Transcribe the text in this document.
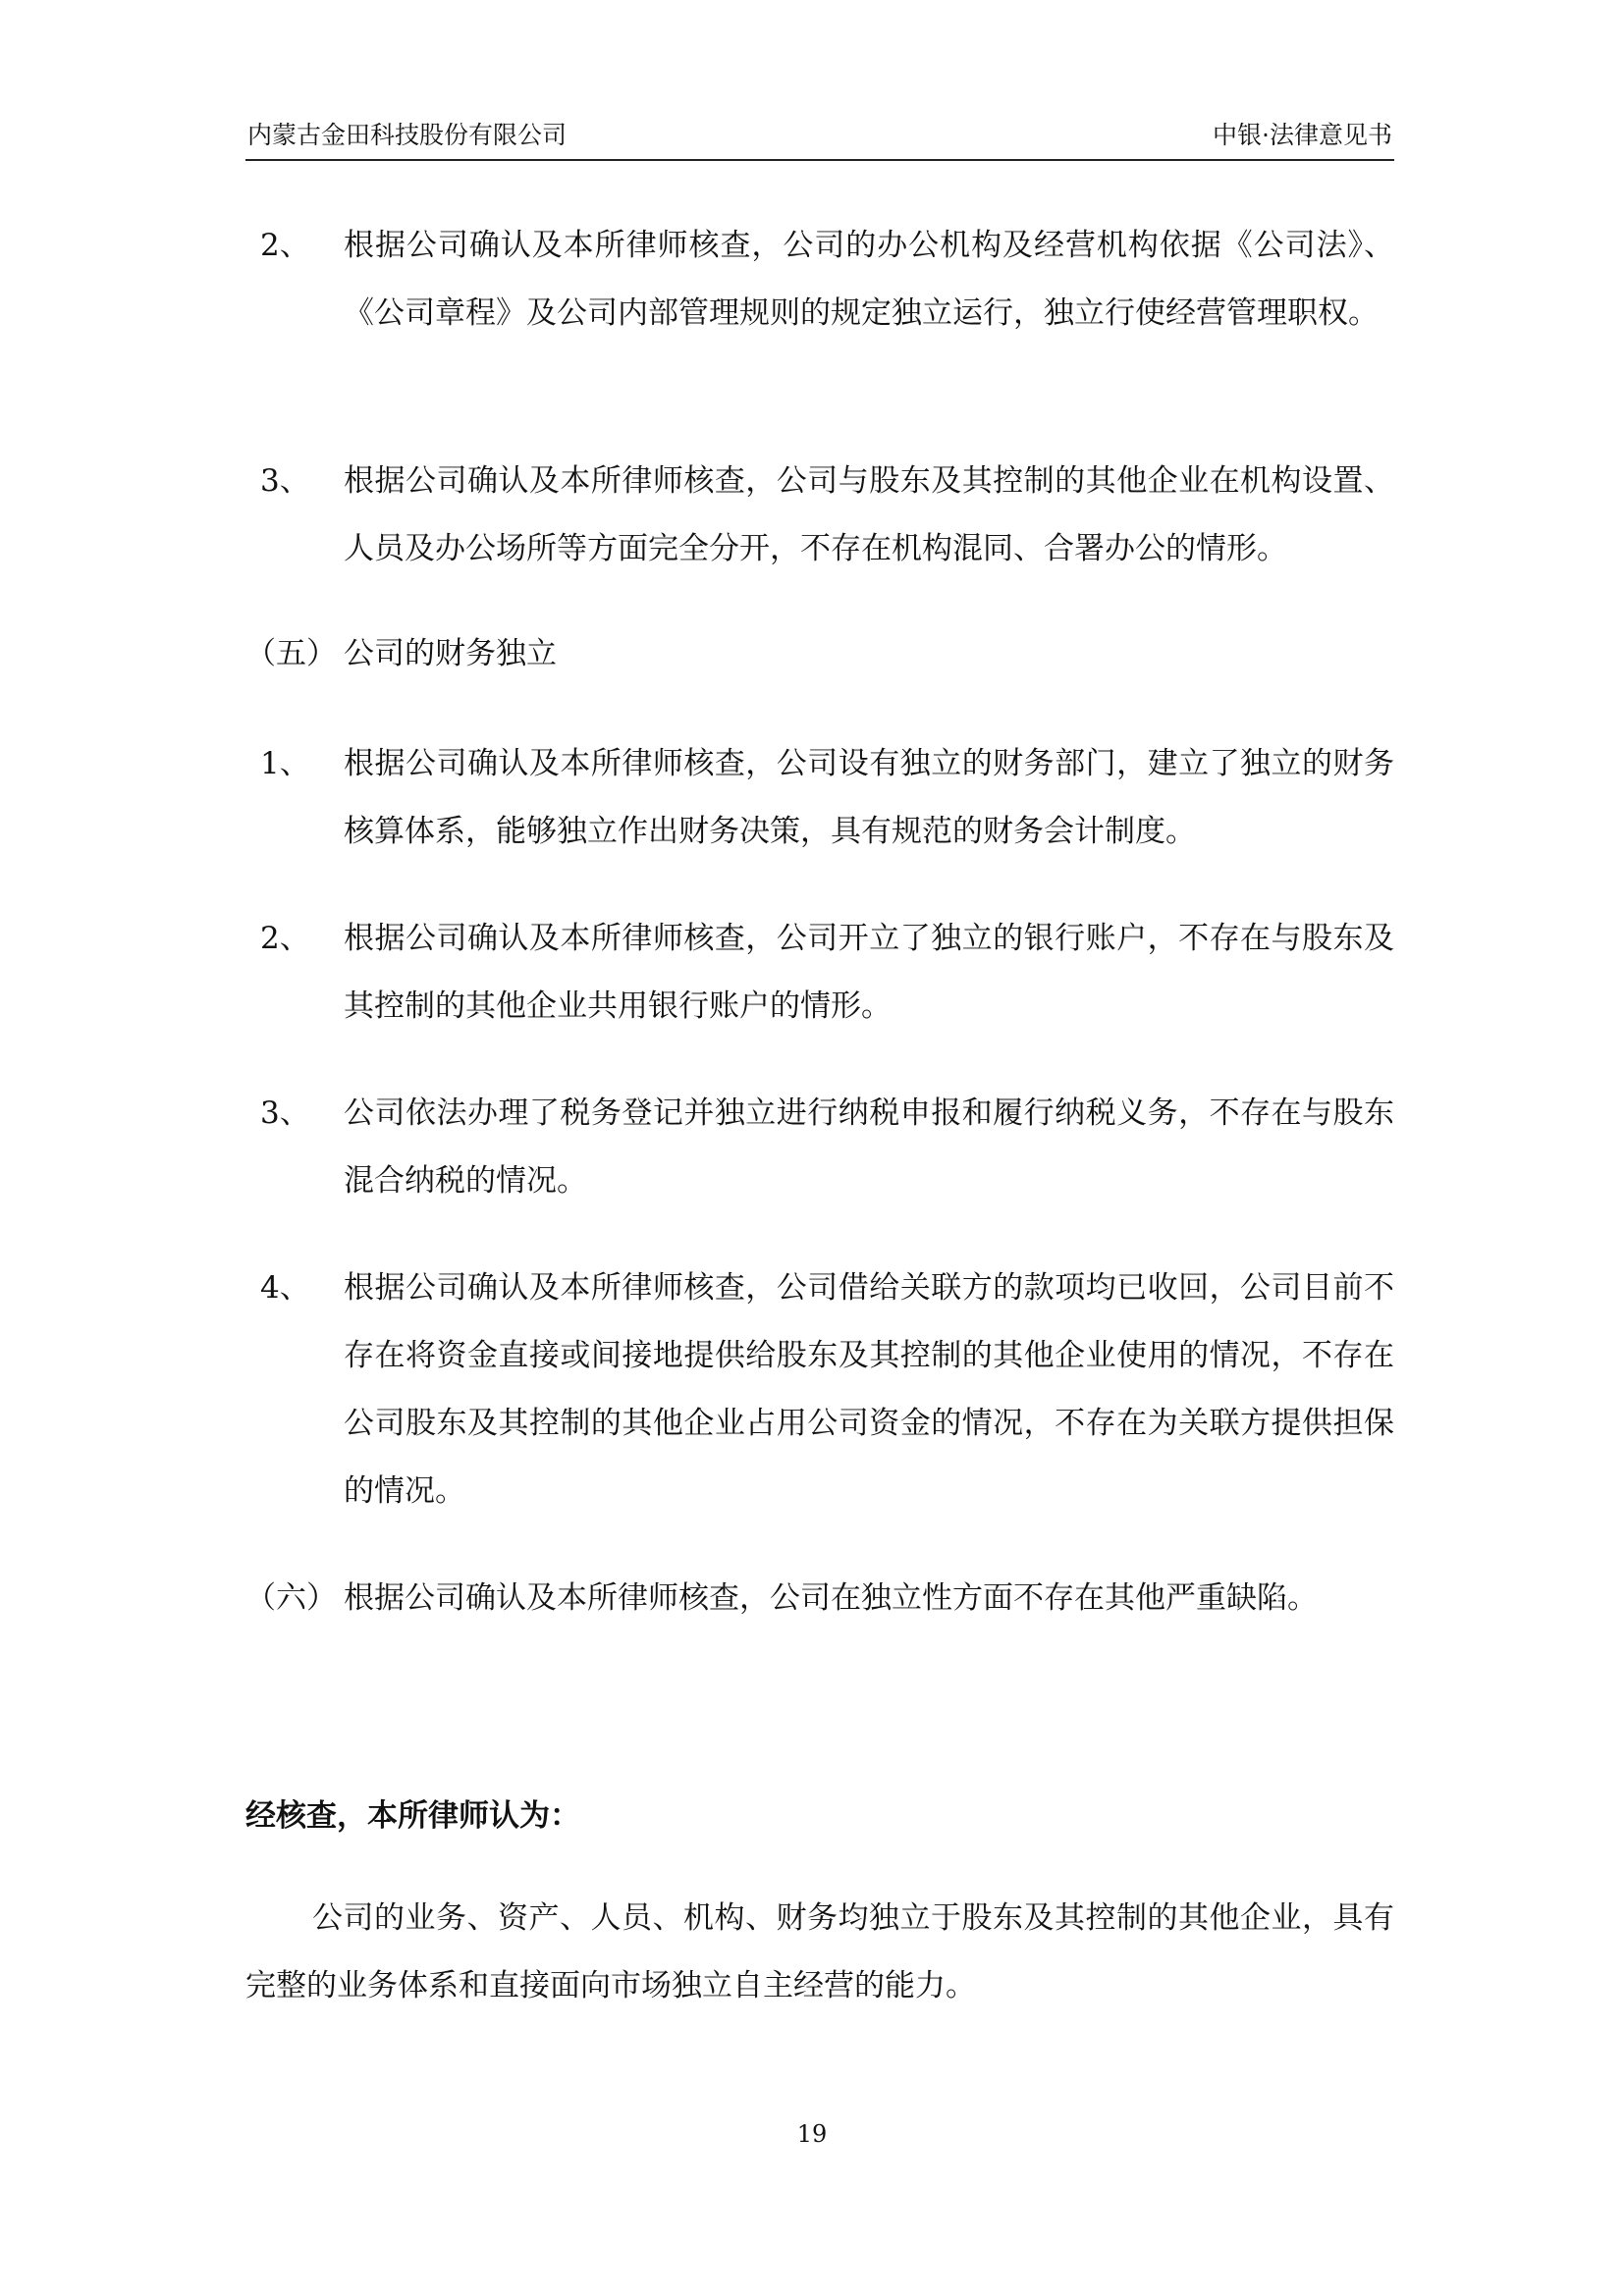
内蒙古金田科技股份有限公司	中银·法律意见书
2、	根据公司确认及本所律师核查，公司的办公机构及经营机构依据《公司法》、《公司章程》及公司内部管理规则的规定独立运行，独立行使经营管理职权。
3、	根据公司确认及本所律师核查，公司与股东及其控制的其他企业在机构设置、人员及办公场所等方面完全分开，不存在机构混同、合署办公的情形。
（五） 公司的财务独立
1、	根据公司确认及本所律师核查，公司设有独立的财务部门，建立了独立的财务核算体系，能够独立作出财务决策，具有规范的财务会计制度。
2、	根据公司确认及本所律师核查，公司开立了独立的银行账户，不存在与股东及其控制的其他企业共用银行账户的情形。
3、	公司依法办理了税务登记并独立进行纳税申报和履行纳税义务，不存在与股东混合纳税的情况。
4、	根据公司确认及本所律师核查，公司借给关联方的款项均已收回，公司目前不存在将资金直接或间接地提供给股东及其控制的其他企业使用的情况，不存在公司股东及其控制的其他企业占用公司资金的情况，不存在为关联方提供担保的情况。
（六） 根据公司确认及本所律师核查，公司在独立性方面不存在其他严重缺陷。
经核查，本所律师认为：
公司的业务、资产、人员、机构、财务均独立于股东及其控制的其他企业，具有完整的业务体系和直接面向市场独立自主经营的能力。
19
